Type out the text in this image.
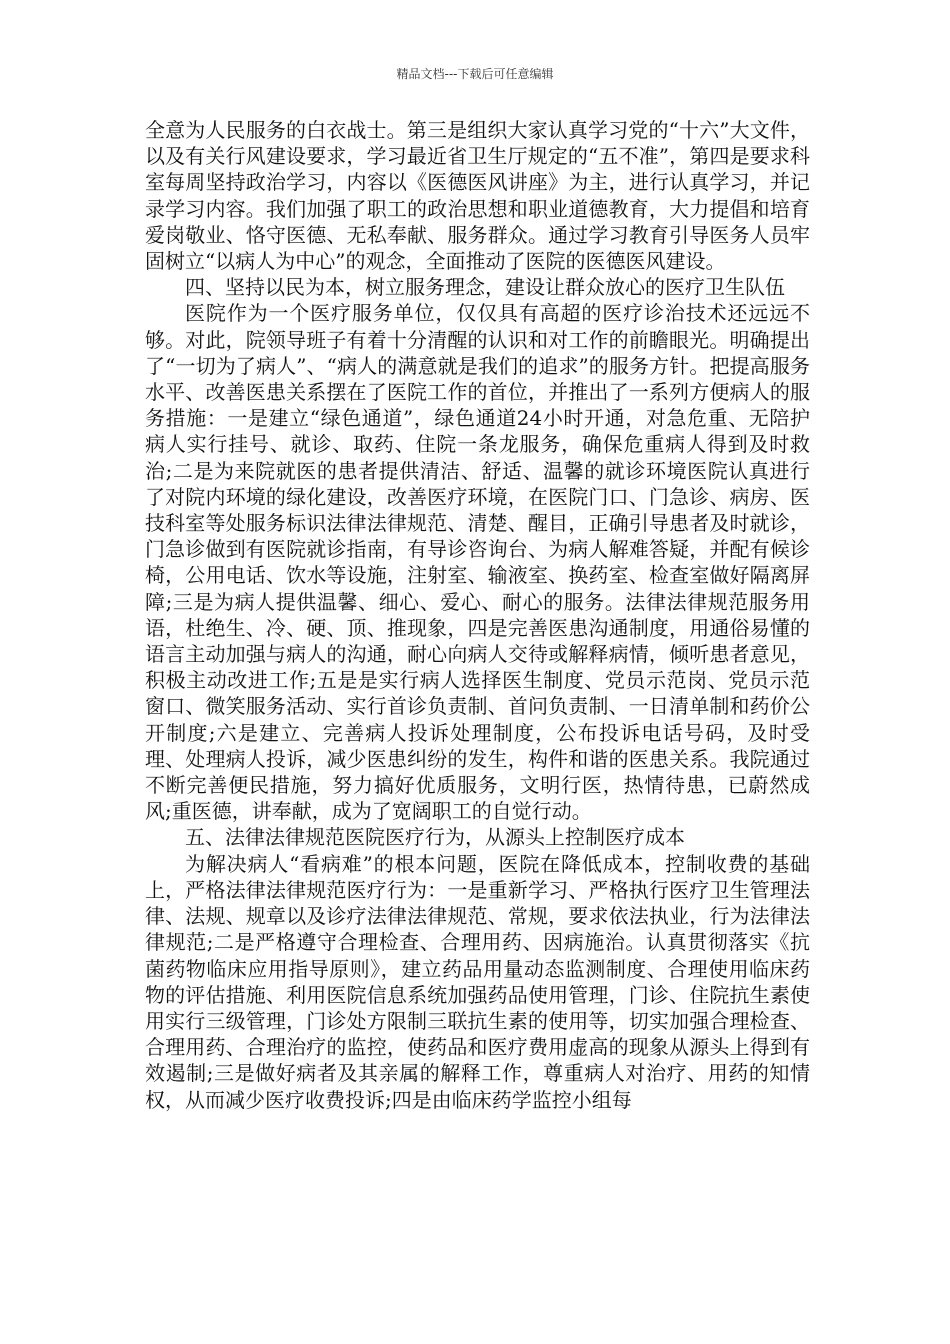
精品文档---下载后可任意编辑

全意为人民服务的白衣战士。第三是组织大家认真学习党的“十六”大文件，以及有关行风建设要求，学习最近省卫生厅规定的“五不准”，第四是要求科室每周坚持政治学习，内容以《医德医风讲座》为主，进行认真学习，并记录学习内容。我们加强了职工的政治思想和职业道德教育，大力提倡和培育爱岗敬业、恪守医德、无私奉献、服务群众。通过学习教育引导医务人员牢固树立“以病人为中心”的观念，全面推动了医院的医德医风建设。

四、坚持以民为本，树立服务理念，建设让群众放心的医疗卫生队伍

医院作为一个医疗服务单位，仅仅具有高超的医疗诊治技术还远远不够。对此，院领导班子有着十分清醒的认识和对工作的前瞻眼光。明确提出了“一切为了病人”、“病人的满意就是我们的追求”的服务方针。把提高服务水平、改善医患关系摆在了医院工作的首位，并推出了一系列方便病人的服务措施：一是建立“绿色通道”，绿色通道24小时开通，对急危重、无陪护病人实行挂号、就诊、取药、住院一条龙服务，确保危重病人得到及时救治;二是为来院就医的患者提供清洁、舒适、温馨的就诊环境医院认真进行了对院内环境的绿化建设，改善医疗环境，在医院门口、门急诊、病房、医技科室等处服务标识法律法律规范、清楚、醒目，正确引导患者及时就诊，门急诊做到有医院就诊指南，有导诊咨询台、为病人解难答疑，并配有候诊椅，公用电话、饮水等设施，注射室、输液室、换药室、检查室做好隔离屏障;三是为病人提供温馨、细心、爱心、耐心的服务。法律法律规范服务用语，杜绝生、冷、硬、顶、推现象，四是完善医患沟通制度，用通俗易懂的语言主动加强与病人的沟通，耐心向病人交待或解释病情，倾听患者意见，积极主动改进工作;五是是实行病人选择医生制度、党员示范岗、党员示范窗口、微笑服务活动、实行首诊负责制、首问负责制、一日清单制和药价公开制度;六是建立、完善病人投诉处理制度，公布投诉电话号码，及时受理、处理病人投诉，减少医患纠纷的发生，构件和谐的医患关系。我院通过不断完善便民措施，努力搞好优质服务，文明行医，热情待患，已蔚然成风;重医德，讲奉献，成为了宽阔职工的自觉行动。

五、法律法律规范医院医疗行为，从源头上控制医疗成本

为解决病人“看病难”的根本问题，医院在降低成本，控制收费的基础上，严格法律法律规范医疗行为：一是重新学习、严格执行医疗卫生管理法律、法规、规章以及诊疗法律法律规范、常规，要求依法执业，行为法律法律规范;二是严格遵守合理检查、合理用药、因病施治。认真贯彻落实《抗菌药物临床应用指导原则》，建立药品用量动态监测制度、合理使用临床药物的评估措施、利用医院信息系统加强药品使用管理，门诊、住院抗生素使用实行三级管理，门诊处方限制三联抗生素的使用等，切实加强合理检查、合理用药、合理治疗的监控，使药品和医疗费用虚高的现象从源头上得到有效遏制;三是做好病者及其亲属的解释工作，尊重病人对治疗、用药的知情权，从而减少医疗收费投诉;四是由临床药学监控小组每
